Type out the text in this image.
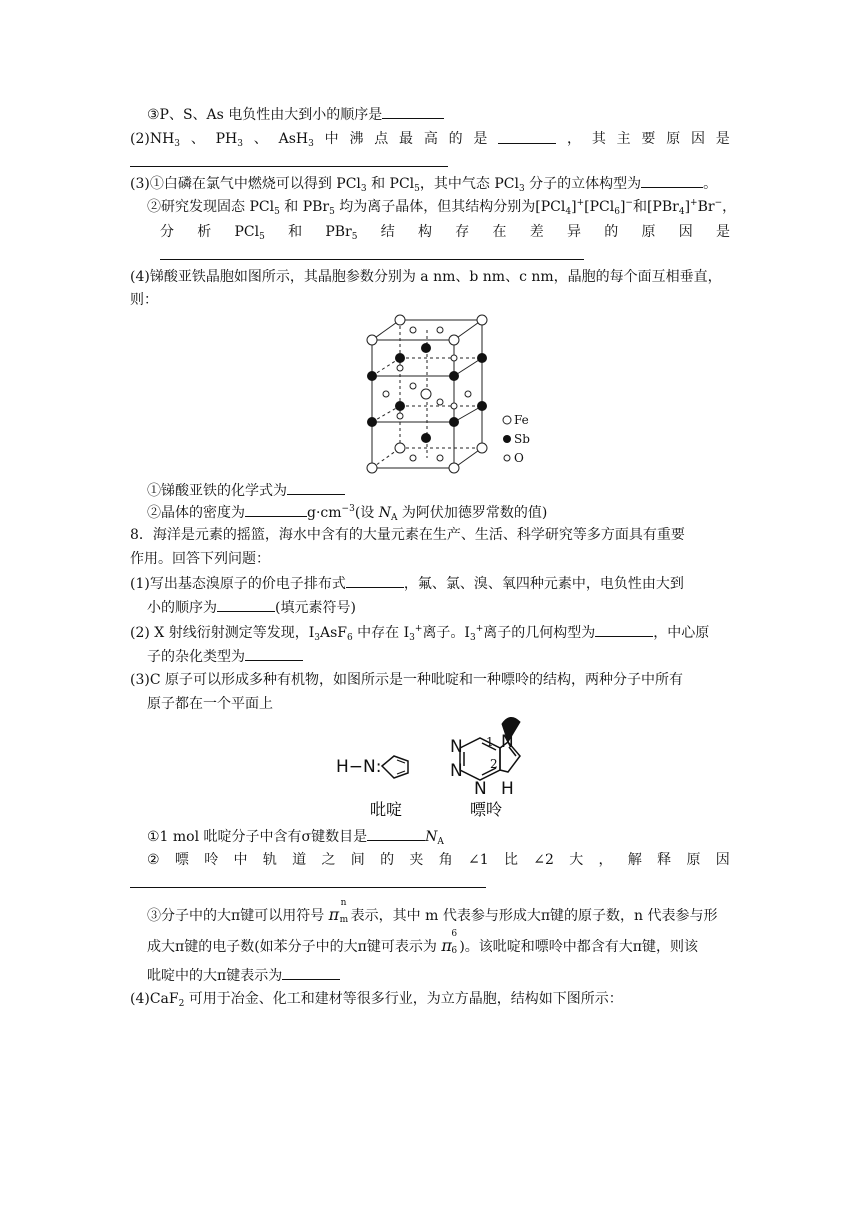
③P、S、As 电负性由大到小的顺序是
$(2)NH_3$ 、 $PH_3$ 、 AsH$_3$ 中 沸 点 最 高 的 是	， 其 主 要 原 因 是
(3)①白磷在氯气中燃烧可以得到 PCl$_3$ 和 PCl$_5$，其中气态 PCl$_3$ 分子的立体构型为	。
②研究发现固态 PCl$_5$ 和 PBr$_5$ 均为离子晶体，但其结构分别为[PCl$_4$]+[PCl$_6$]−和[PBr$_4$]+Br−，
分 析 PCl$_5$ 和 PBr$_5$ 结 构 存 在 差 异 的 原 因 是
(4)锑酸亚铁晶胞如图所示，其晶胞参数分别为 a nm、b nm、c nm，晶胞的每个面互相垂直，
则：
Fe
Sb
O
①锑酸亚铁的化学式为
②晶体的密度为	$g\cdot cm^{-3}$(设 $N_A$ 为阿伏加德罗常数的值)
8．海洋是元素的摇篮，海水中含有的大量元素在生产、生活、科学研究等多方面具有重要
作用。回答下列问题：
(1)写出基态溴原子的价电子排布式	，氟、氯、溴、氧四种元素中，电负性由大到
小的顺序为	(填元素符号)
(2) X 射线衍射测定等发现，$I_3AsF_6$ 中存在 $I_3^+$离子。$I_3^+$离子的几何构型为	，中心原
子的杂化类型为
(3)C 原子可以形成多种有机物，如图所示是一种吡啶和一种嘌呤的结构，两种分子中所有
原子都在一个平面上
H−N:
N
N
N
N
H
1
2
吡啶	嘌呤
①1 mol 吡啶分子中含有σ键数目是	$N_A$
② 嘌 呤 中 轨 道 之 间 的 夹 角 ∠1 比 ∠2 大 ， 解 释 原 因
③分子中的大π键可以用符号 π
n
m 表示，其中 m 代表参与形成大π键的原子数，n 代表参与形
成大π键的电子数(如苯分子中的大π键可表示为 π
6
6 )。该吡啶和嘌呤中都含有大π键，则该
吡啶中的大π键表示为
(4)CaF$_2$ 可用于冶金、化工和建材等很多行业，为立方晶胞，结构如下图所示：
